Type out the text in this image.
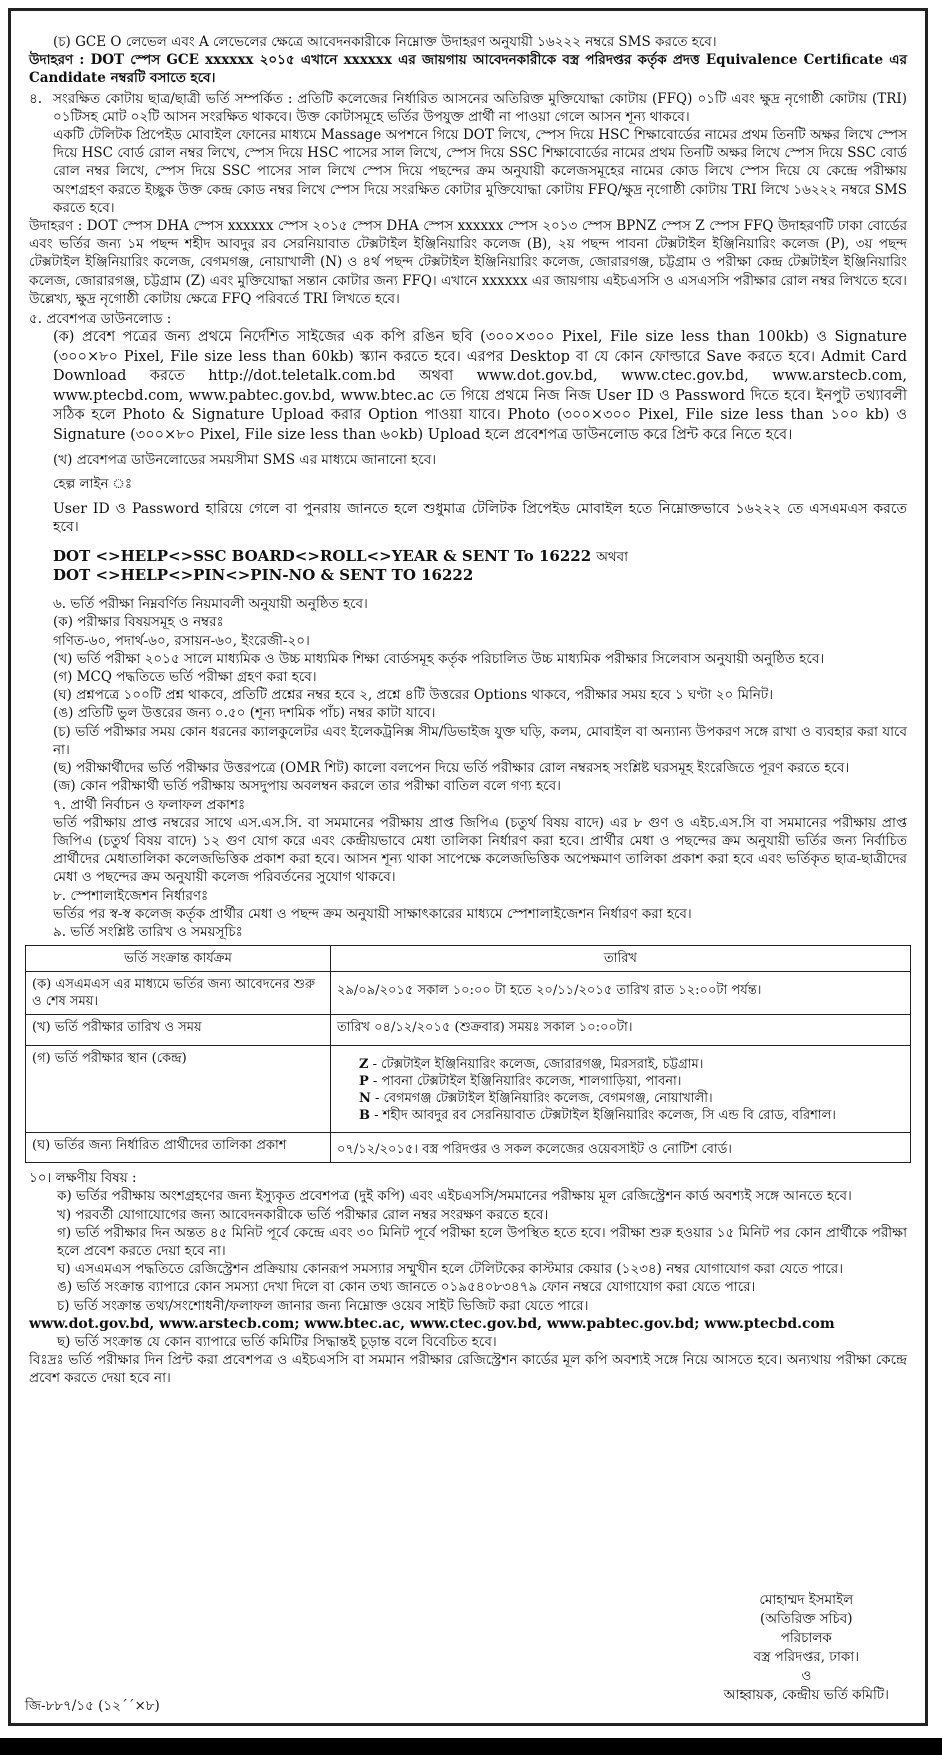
(চ) GCE O লেভেল এবং A লেভেলের ক্ষেত্রে আবেদনকারীকে নিম্নোক্ত উদাহরণ অনুযায়ী ১৬২২২ নম্বরে SMS করতে হবে।

উদাহরণ : DOT স্পেস GCE xxxxxx ২০১৫ এখানে xxxxxx এর জায়গায় আবেদনকারীকে বস্ত্র পরিদপ্তর কর্তৃক প্রদত্ত Equivalence Certificate এর Candidate নম্বরটি বসাতে হবে।

৪. সংরক্ষিত কোটায় ছাত্র/ছাত্রী ভর্তি সম্পর্কিত : প্রতিটি কলেজের নির্ধারিত আসনের অতিরিক্ত মুক্তিযোদ্ধা কোটায় (FFQ) ০১টি এবং ক্ষুদ্র নৃগোষ্ঠী কোটায় (TRI) ০১টিসহ মোট ০২টি আসন সংরক্ষিত থাকবে। উক্ত কোটাসমূহে ভর্তির উপযুক্ত প্রার্থী না পাওয়া গেলে আসন শূন্য থাকবে।

একটি টেলিটক প্রিপেইড মোবাইল ফোনের মাধ্যমে Massage অপশনে গিয়ে DOT লিখে, স্পেস দিয়ে HSC শিক্ষাবোর্ডের নামের প্রথম তিনটি অক্ষর লিখে স্পেস দিয়ে HSC বোর্ড রোল নম্বর লিখে, স্পেস দিয়ে HSC পাসের সাল লিখে, স্পেস দিয়ে SSC শিক্ষাবোর্ডের নামের প্রথম তিনটি অক্ষর লিখে স্পেস দিয়ে SSC বোর্ড রোল নম্বর লিখে, স্পেস দিয়ে SSC পাসের সাল লিখে স্পেস দিয়ে পছন্দের ক্রম অনুযায়ী কলেজসমূহের নামের কোড লিখে স্পেস দিয়ে যে কেন্দ্রে পরীক্ষায় অংশগ্রহণ করতে ইচ্ছুক উক্ত কেন্দ্র কোড নম্বর লিখে স্পেস দিয়ে সংরক্ষিত কোটার মুক্তিযোদ্ধা কোটায় FFQ/ক্ষুদ্র নৃগোষ্ঠী কোটায় TRI লিখে ১৬২২২ নম্বরে SMS করতে হবে।

উদাহরণ : DOT স্পেস DHA স্পেস xxxxxx স্পেস ২০১৫ স্পেস DHA স্পেস xxxxxx স্পেস ২০১৩ স্পেস BPNZ স্পেস Z স্পেস FFQ উদাহরণটি ঢাকা বোর্ডের এবং ভর্তির জন্য ১ম পছন্দ শহীদ আবদুর রব সেরনিয়াবাত টেক্সটাইল ইঞ্জিনিয়ারিং কলেজ (B), ২য় পছন্দ পাবনা টেক্সটাইল ইঞ্জিনিয়ারিং কলেজ (P), ৩য় পছন্দ টেক্সটাইল ইঞ্জিনিয়ারিং কলেজ, বেগমগঞ্জ, নোয়াখালী (N) ও ৪র্থ পছন্দ টেক্সটাইল ইঞ্জিনিয়ারিং কলেজ, জোরারগঞ্জ, চট্টগ্রাম ও পরীক্ষা কেন্দ্র টেক্সটাইল ইঞ্জিনিয়ারিং কলেজ, জোরারগঞ্জ, চট্টগ্রাম (Z) এবং মুক্তিযোদ্ধা সন্তান কোটার জন্য FFQ। এখানে xxxxxx এর জায়গায় এইচএসসি ও এসএসসি পরীক্ষার রোল নম্বর লিখতে হবে। উল্লেখ্য, ক্ষুদ্র নৃগোষ্ঠী কোটায় ক্ষেত্রে FFQ পরিবর্তে TRI লিখতে হবে।

৫. প্রবেশপত্র ডাউনলোড :

(ক) প্রবেশ পত্রের জন্য প্রথমে নির্দেশিত সাইজের এক কপি রঙিন ছবি (৩০০×৩০০ Pixel, File size less than 100kb) ও Signature (৩০০×৮০ Pixel, File size less than 60kb) স্ক্যান করতে হবে। এরপর Desktop বা যে কোন ফোল্ডারে Save করতে হবে। Admit Card Download করতে http://dot.teletalk.com.bd অথবা www.dot.gov.bd, www.ctec.gov.bd, www.arstecb.com, www.ptecbd.com, www.pabtec.gov.bd, www.btec.ac তে গিয়ে প্রথমে নিজ নিজ User ID ও Password দিতে হবে। ইনপুট তথ্যাবলী সঠিক হলে Photo & Signature Upload করার Option পাওয়া যাবে। Photo (৩০০×৩০০ Pixel, File size less than ১০০ kb) ও Signature (৩০০×৮০ Pixel, File size less than ৬০kb) Upload হলে প্রবেশপত্র ডাউনলোড করে প্রিন্ট করে নিতে হবে।

(খ) প্রবেশপত্র ডাউনলোডের সময়সীমা SMS এর মাধ্যমে জানানো হবে।

হেল্প লাইন ঃ

User ID ও Password হারিয়ে গেলে বা পুনরায় জানতে হলে শুধুমাত্র টেলিটক প্রিপেইড মোবাইল হতে নিম্নোক্তভাবে ১৬২২২ তে এসএমএস করতে হবে।

DOT <>HELP<>SSC BOARD<>ROLL<>YEAR & SENT To 16222 অথবা

DOT <>HELP<>PIN<>PIN-NO & SENT TO 16222

৬. ভর্তি পরীক্ষা নিম্নবর্ণিত নিয়মাবলী অনুযায়ী অনুষ্ঠিত হবে।

(ক) পরীক্ষার বিষয়সমূহ ও নম্বরঃ

গণিত-৬০, পদার্থ-৬০, রসায়ন-৬০, ইংরেজী-২০।

(খ) ভর্তি পরীক্ষা ২০১৫ সালে মাধ্যমিক ও উচ্চ মাধ্যমিক শিক্ষা বোর্ডসমূহ কর্তৃক পরিচালিত উচ্চ মাধ্যমিক পরীক্ষার সিলেবাস অনুযায়ী অনুষ্ঠিত হবে।

(গ) MCQ পদ্ধতিতে ভর্তি পরীক্ষা গ্রহণ করা হবে।

(ঘ) প্রশ্নপত্রে ১০০টি প্রশ্ন থাকবে, প্রতিটি প্রশ্নের নম্বর হবে ২, প্রশ্নে ৪টি উত্তরের Options থাকবে, পরীক্ষার সময় হবে ১ ঘণ্টা ২০ মিনিট।

(ঙ) প্রতিটি ভুল উত্তরের জন্য ০.৫০ (শূন্য দশমিক পাঁচ) নম্বর কাটা যাবে।

(চ) ভর্তি পরীক্ষার সময় কোন ধরনের ক্যালকুলেটর এবং ইলেকট্রনিক্স সীম/ডিভাইজ যুক্ত ঘড়ি, কলম, মোবাইল বা অন্যান্য উপকরণ সঙ্গে রাখা ও ব্যবহার করা যাবে না।

(ছ) পরীক্ষার্থীদের ভর্তি পরীক্ষার উত্তরপত্রে (OMR শিট) কালো বলপেন দিয়ে ভর্তি পরীক্ষার রোল নম্বরসহ সংশ্লিষ্ট ঘরসমূহ ইংরেজিতে পূরণ করতে হবে।

(জ) কোন পরীক্ষার্থী ভর্তি পরীক্ষায় অসদুপায় অবলম্বন করলে তার পরীক্ষা বাতিল বলে গণ্য হবে।

৭. প্রার্থী নির্বাচন ও ফলাফল প্রকাশঃ

ভর্তি পরীক্ষায় প্রাপ্ত নম্বরের সাথে এস.এস.সি. বা সমমানের পরীক্ষায় প্রাপ্ত জিপিএ (চতুর্থ বিষয় বাদে) এর ৮ গুণ ও এইচ.এস.সি বা সমমানের পরীক্ষায় প্রাপ্ত জিপিএ (চতুর্থ বিষয় বাদে) ১২ গুণ যোগ করে এবং কেন্দ্রীয়ভাবে মেধা তালিকা নির্ধারণ করা হবে। প্রার্থীর মেধা ও পছন্দের ক্রম অনুযায়ী ভর্তির জন্য নির্বাচিত প্রার্থীদের মেধাতালিকা কলেজভিত্তিক প্রকাশ করা হবে। আসন শূন্য থাকা সাপেক্ষে কলেজভিত্তিক অপেক্ষমাণ তালিকা প্রকাশ করা হবে এবং ভর্তিকৃত ছাত্র-ছাত্রীদের মেধা ও পছন্দের ক্রম অনুযায়ী কলেজ পরিবর্তনের সুযোগ থাকবে।

৮. স্পেশালাইজেশন নির্ধারণঃ

ভর্তির পর স্ব-স্ব কলেজ কর্তৃক প্রার্থীর মেধা ও পছন্দ ক্রম অনুযায়ী সাক্ষাৎকারের মাধ্যমে স্পেশালাইজেশন নির্ধারণ করা হবে।

৯. ভর্তি সংশ্লিষ্ট তারিখ ও সময়সূচিঃ

ভর্তি সংক্রান্ত কার্যক্রম	তারিখ
(ক) এসএমএস এর মাধ্যমে ভর্তির জন্য আবেদনের শুরু ও শেষ সময়।	২৯/০৯/২০১৫ সকাল ১০:০০ টা হতে ২০/১১/২০১৫ তারিখ রাত ১২:০০টা পর্যন্ত।
(খ) ভর্তি পরীক্ষার তারিখ ও সময়	তারিখ ০৪/১২/২০১৫ (শুক্রবার) সময়ঃ সকাল ১০:০০টা।
(গ) ভর্তি পরীক্ষার স্থান (কেন্দ্র)	Z - টেক্সটাইল ইঞ্জিনিয়ারিং কলেজ, জোরারগঞ্জ, মিরসরাই, চট্টগ্রাম।
P - পাবনা টেক্সটাইল ইঞ্জিনিয়ারিং কলেজ, শালগাড়িয়া, পাবনা।
N - বেগমগঞ্জ টেক্সটাইল ইঞ্জিনিয়ারিং কলেজ, বেগমগঞ্জ, নোয়াখালী।
B - শহীদ আবদুর রব সেরনিয়াবাত টেক্সটাইল ইঞ্জিনিয়ারিং কলেজ, সি এন্ড বি রোড, বরিশাল।

(ঘ) ভর্তির জন্য নির্ধারিত প্রার্থীদের তালিকা প্রকাশ	০৭/১২/২০১৫। বস্ত্র পরিদপ্তর ও সকল কলেজের ওয়েবসাইট ও নোটিশ বোর্ড।

১০। লক্ষণীয় বিষয় :

ক) ভর্তির পরীক্ষায় অংশগ্রহণের জন্য ইস্যুকৃত প্রবেশপত্র (দুই কপি) এবং এইচএসসি/সমমানের পরীক্ষায় মূল রেজিস্ট্রেশন কার্ড অবশ্যই সঙ্গে আনতে হবে।

খ) পরবর্তী যোগাযোগের জন্য আবেদনকারীকে ভর্তি পরীক্ষার রোল নম্বর সংরক্ষণ করতে হবে।

গ) ভর্তি পরীক্ষার দিন অন্তত ৪৫ মিনিট পূর্বে কেন্দ্রে এবং ৩০ মিনিট পূর্বে পরীক্ষা হলে উপস্থিত হতে হবে। পরীক্ষা শুরু হওয়ার ১৫ মিনিট পর কোন প্রার্থীকে পরীক্ষা হলে প্রবেশ করতে দেয়া হবে না।

ঘ) এসএমএস পদ্ধতিতে রেজিস্ট্রেশন প্রক্রিয়ায় কোনরূপ সমস্যার সম্মুখীন হলে টেলিটকের কাস্টমার কেয়ার (১২৩৪) নম্বর যোগাযোগ করা যেতে পারে।

ঙ) ভর্তি সংক্রান্ত ব্যাপারে কোন সমস্যা দেখা দিলে বা কোন তথ্য জানতে ০১৯৫৪০৮৩৪৭৯ ফোন নম্বরে যোগাযোগ করা যেতে পারে।

চ) ভর্তি সংক্রান্ত তথ্য/সংশোধনী/ফলাফল জানার জন্য নিম্নোক্ত ওয়েব সাইট ভিজিট করা যেতে পারে।

www.dot.gov.bd, www.arstecb.com; www.btec.ac, www.ctec.gov.bd, www.pabtec.gov.bd; www.ptecbd.com

ছ) ভর্তি সংক্রান্ত যে কোন ব্যাপারে ভর্তি কমিটির সিদ্ধান্তই চূড়ান্ত বলে বিবেচিত হবে।

বিঃদ্রঃ ভর্তি পরীক্ষার দিন প্রিন্ট করা প্রবেশপত্র ও এইচএসসি বা সমমান পরীক্ষার রেজিস্ট্রেশন কার্ডের মূল কপি অবশ্যই সঙ্গে নিয়ে আসতে হবে। অন্যথায় পরীক্ষা কেন্দ্রে প্রবেশ করতে দেয়া হবে না।

মোহাম্মদ ইসমাইল
(অতিরিক্ত সচিব)
পরিচালক
বস্ত্র পরিদপ্তর, ঢাকা।
ও
আহ্বায়ক, কেন্দ্রীয় ভর্তি কমিটি।
জি-৮৮৭/১৫ (১২´´×৮)
